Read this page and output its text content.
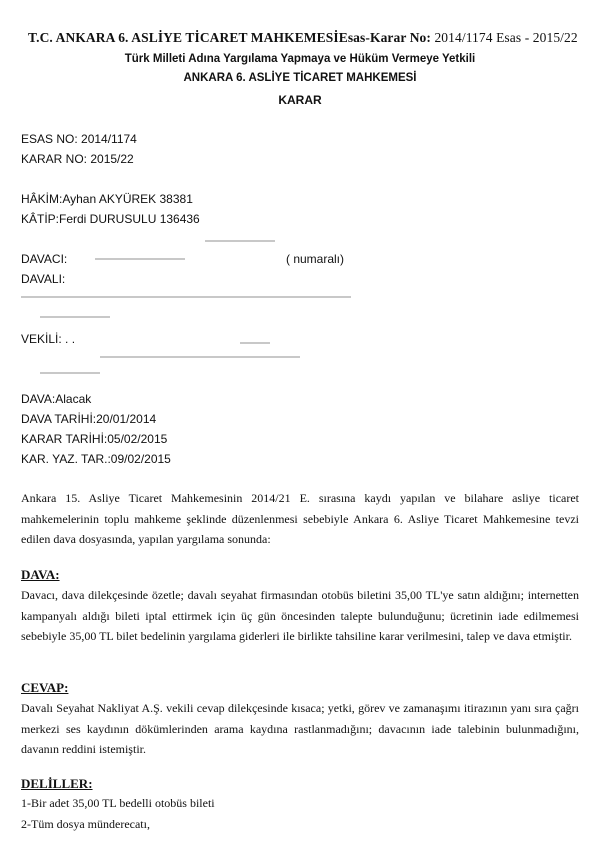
T.C. ANKARA 6. ASLİYE TİCARET MAHKEMESİEsas-Karar No: 2014/1174 Esas - 2015/22
Türk Milleti Adına Yargılama Yapmaya ve Hüküm Vermeye Yetkili
ANKARA 6. ASLİYE TİCARET MAHKEMESİ
KARAR
ESAS NO: 2014/1174
KARAR NO: 2015/22
HÂKİM:Ayhan AKYÜREK 38381
KÂTİP:Ferdi DURUSULU 136436
DAVACI:	( numaralı)
DAVALI:
VEKİLİ: . .
DAVA:Alacak
DAVA TARİHİ:20/01/2014
KARAR TARİHİ:05/02/2015
KAR. YAZ. TAR.:09/02/2015
Ankara 15. Asliye Ticaret Mahkemesinin 2014/21 E. sırasına kaydı yapılan ve bilahare asliye ticaret mahkemelerinin toplu mahkeme şeklinde düzenlenmesi sebebiyle Ankara 6. Asliye Ticaret Mahkemesine tevzi edilen dava dosyasında, yapılan yargılama sonunda:
DAVA:
Davacı, dava dilekçesinde özetle; davalı seyahat firmasından otobüs biletini 35,00 TL'ye satın aldığını; internetten kampanyalı aldığı bileti iptal ettirmek için üç gün öncesinden talepte bulunduğunu; ücretinin iade edilmemesi sebebiyle 35,00 TL bilet bedelinin yargılama giderleri ile birlikte tahsiline karar verilmesini, talep ve dava etmiştir.
CEVAP:
Davalı Seyahat Nakliyat A.Ş. vekili cevap dilekçesinde kısaca; yetki, görev ve zamanaşımı itirazının yanı sıra çağrı merkezi ses kaydının dökümlerinden arama kaydına rastlanmadığını; davacının iade talebinin bulunmadığını, davanın reddini istemiştir.
DELİLLER:
1-Bir adet 35,00 TL bedelli otobüs bileti
2-Tüm dosya münderecatı,
